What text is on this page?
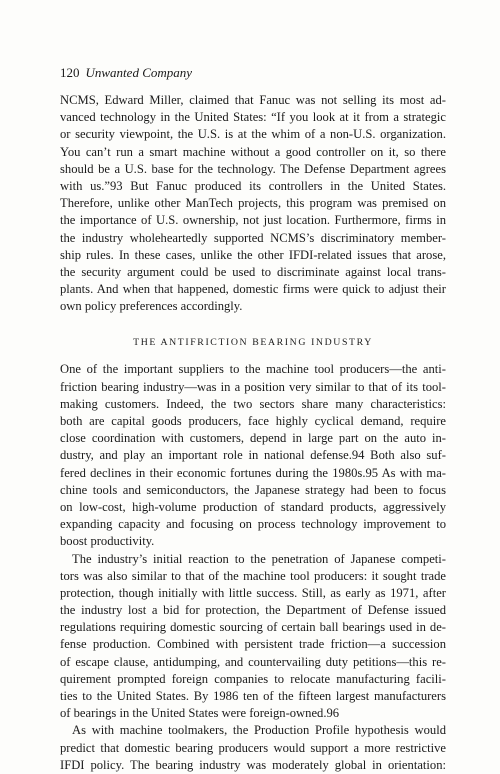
120 Unwanted Company
NCMS, Edward Miller, claimed that Fanuc was not selling its most ad-
vanced technology in the United States: “If you look at it from a strategic
or security viewpoint, the U.S. is at the whim of a non-U.S. organization.
You can’t run a smart machine without a good controller on it, so there
should be a U.S. base for the technology. The Defense Department agrees
with us.”93 But Fanuc produced its controllers in the United States.
Therefore, unlike other ManTech projects, this program was premised on
the importance of U.S. ownership, not just location. Furthermore, firms in
the industry wholeheartedly supported NCMS’s discriminatory member-
ship rules. In these cases, unlike the other IFDI-related issues that arose,
the security argument could be used to discriminate against local trans-
plants. And when that happened, domestic firms were quick to adjust their
own policy preferences accordingly.
THE ANTIFRICTION BEARING INDUSTRY
One of the important suppliers to the machine tool producers—the anti-
friction bearing industry—was in a position very similar to that of its tool-
making customers. Indeed, the two sectors share many characteristics:
both are capital goods producers, face highly cyclical demand, require
close coordination with customers, depend in large part on the auto in-
dustry, and play an important role in national defense.94 Both also suf-
fered declines in their economic fortunes during the 1980s.95 As with ma-
chine tools and semiconductors, the Japanese strategy had been to focus
on low-cost, high-volume production of standard products, aggressively
expanding capacity and focusing on process technology improvement to
boost productivity.
The industry’s initial reaction to the penetration of Japanese competi-
tors was also similar to that of the machine tool producers: it sought trade
protection, though initially with little success. Still, as early as 1971, after
the industry lost a bid for protection, the Department of Defense issued
regulations requiring domestic sourcing of certain ball bearings used in de-
fense production. Combined with persistent trade friction—a succession
of escape clause, antidumping, and countervailing duty petitions—this re-
quirement prompted foreign companies to relocate manufacturing facili-
ties to the United States. By 1986 ten of the fifteen largest manufacturers
of bearings in the United States were foreign-owned.96
As with machine toolmakers, the Production Profile hypothesis would
predict that domestic bearing producers would support a more restrictive
IFDI policy. The bearing industry was moderately global in orientation:
